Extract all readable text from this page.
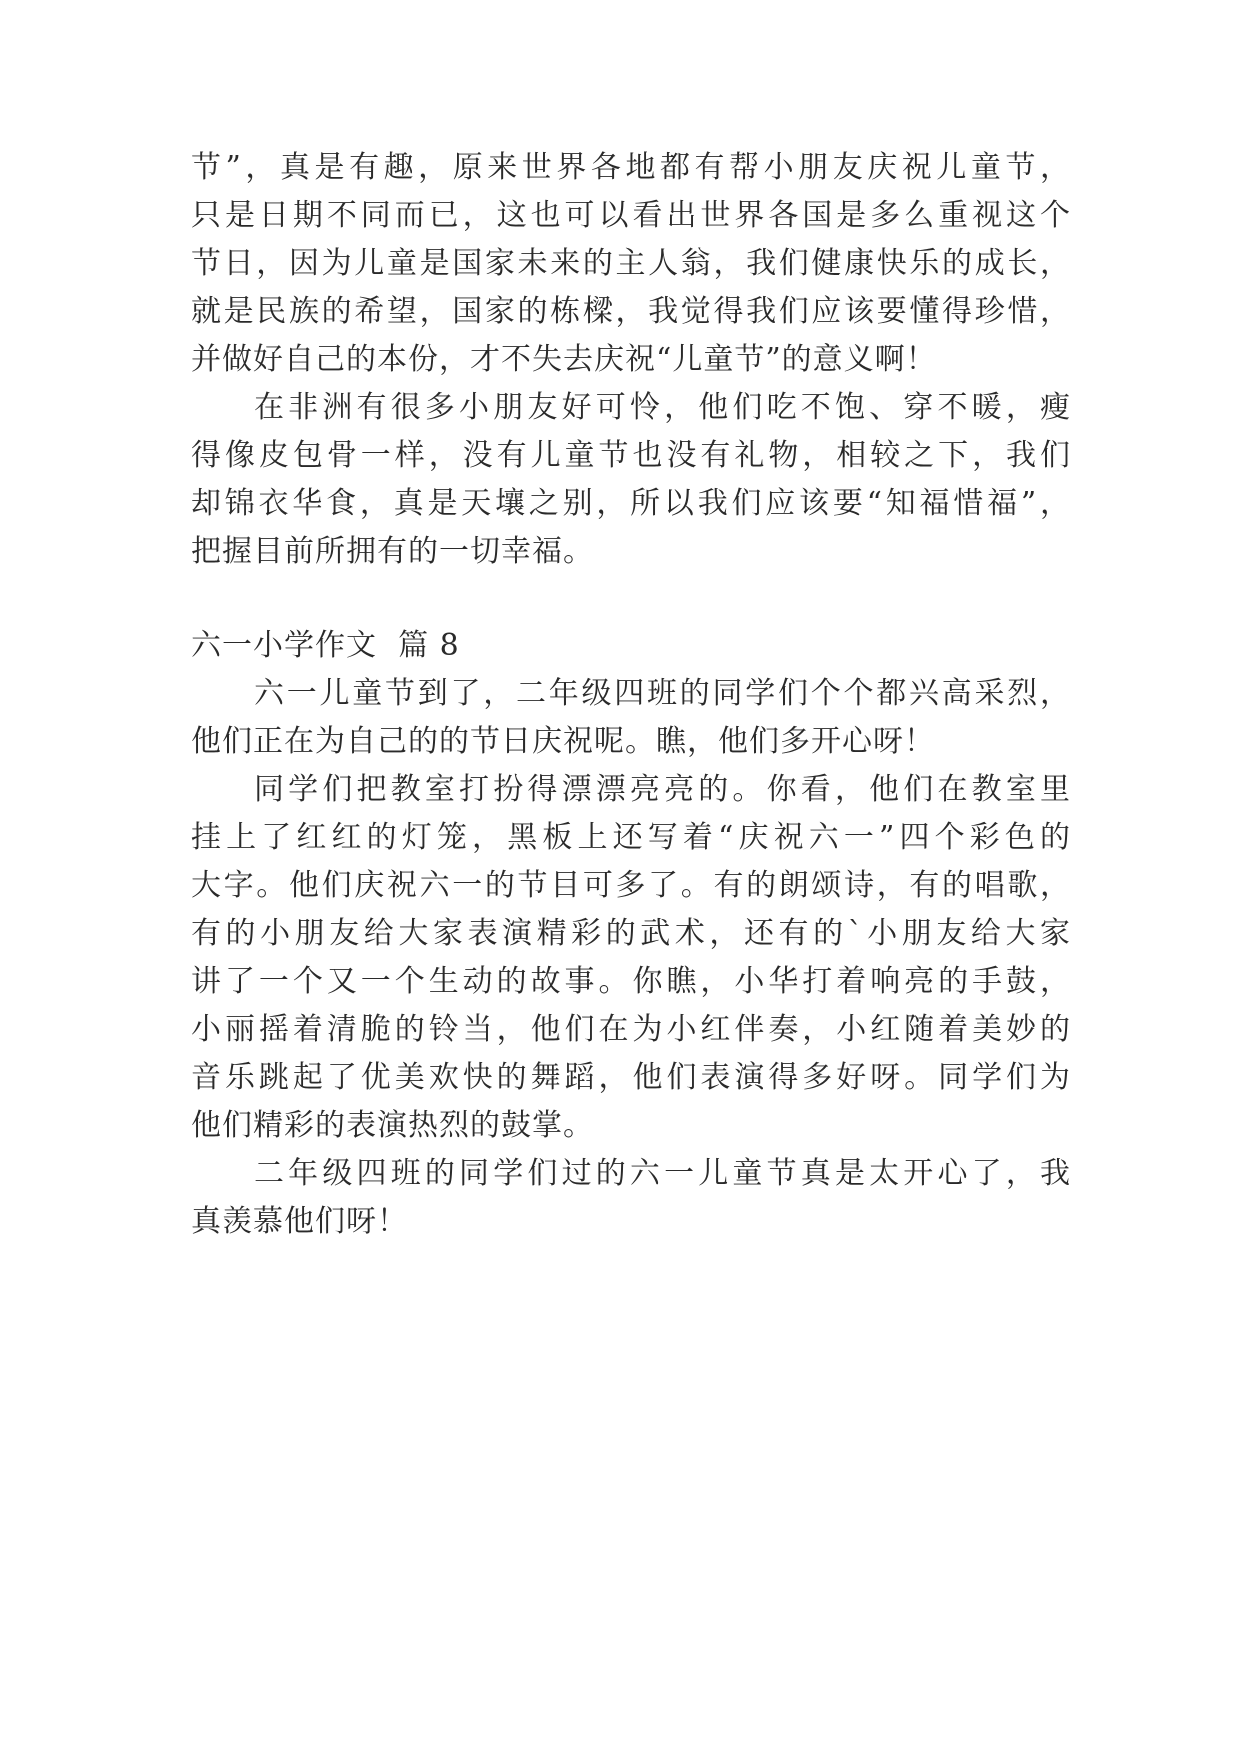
节”，真是有趣，原来世界各地都有帮小朋友庆祝儿童节，
只是日期不同而已，这也可以看出世界各国是多么重视这个
节日，因为儿童是国家未来的主人翁，我们健康快乐的成长，
就是民族的希望，国家的栋樑，我觉得我们应该要懂得珍惜，
并做好自己的本份，才不失去庆祝“儿童节”的意义啊！
在非洲有很多小朋友好可怜，他们吃不饱、穿不暖，瘦
得像皮包骨一样，没有儿童节也没有礼物，相较之下，我们
却锦衣华食，真是天壤之别，所以我们应该要“知福惜福”，
把握目前所拥有的一切幸福。
六一小学作文  篇 8
六一儿童节到了，二年级四班的同学们个个都兴高采烈，
他们正在为自己的的节日庆祝呢。瞧，他们多开心呀！
同学们把教室打扮得漂漂亮亮的。你看，他们在教室里
挂上了红红的灯笼，黑板上还写着“庆祝六一”四个彩色的
大字。他们庆祝六一的节目可多了。有的朗颂诗，有的唱歌，
有的小朋友给大家表演精彩的武术，还有的`小朋友给大家
讲了一个又一个生动的故事。你瞧，小华打着响亮的手鼓，
小丽摇着清脆的铃当，他们在为小红伴奏，小红随着美妙的
音乐跳起了优美欢快的舞蹈，他们表演得多好呀。同学们为
他们精彩的表演热烈的鼓掌。
二年级四班的同学们过的六一儿童节真是太开心了，我
真羡慕他们呀！
